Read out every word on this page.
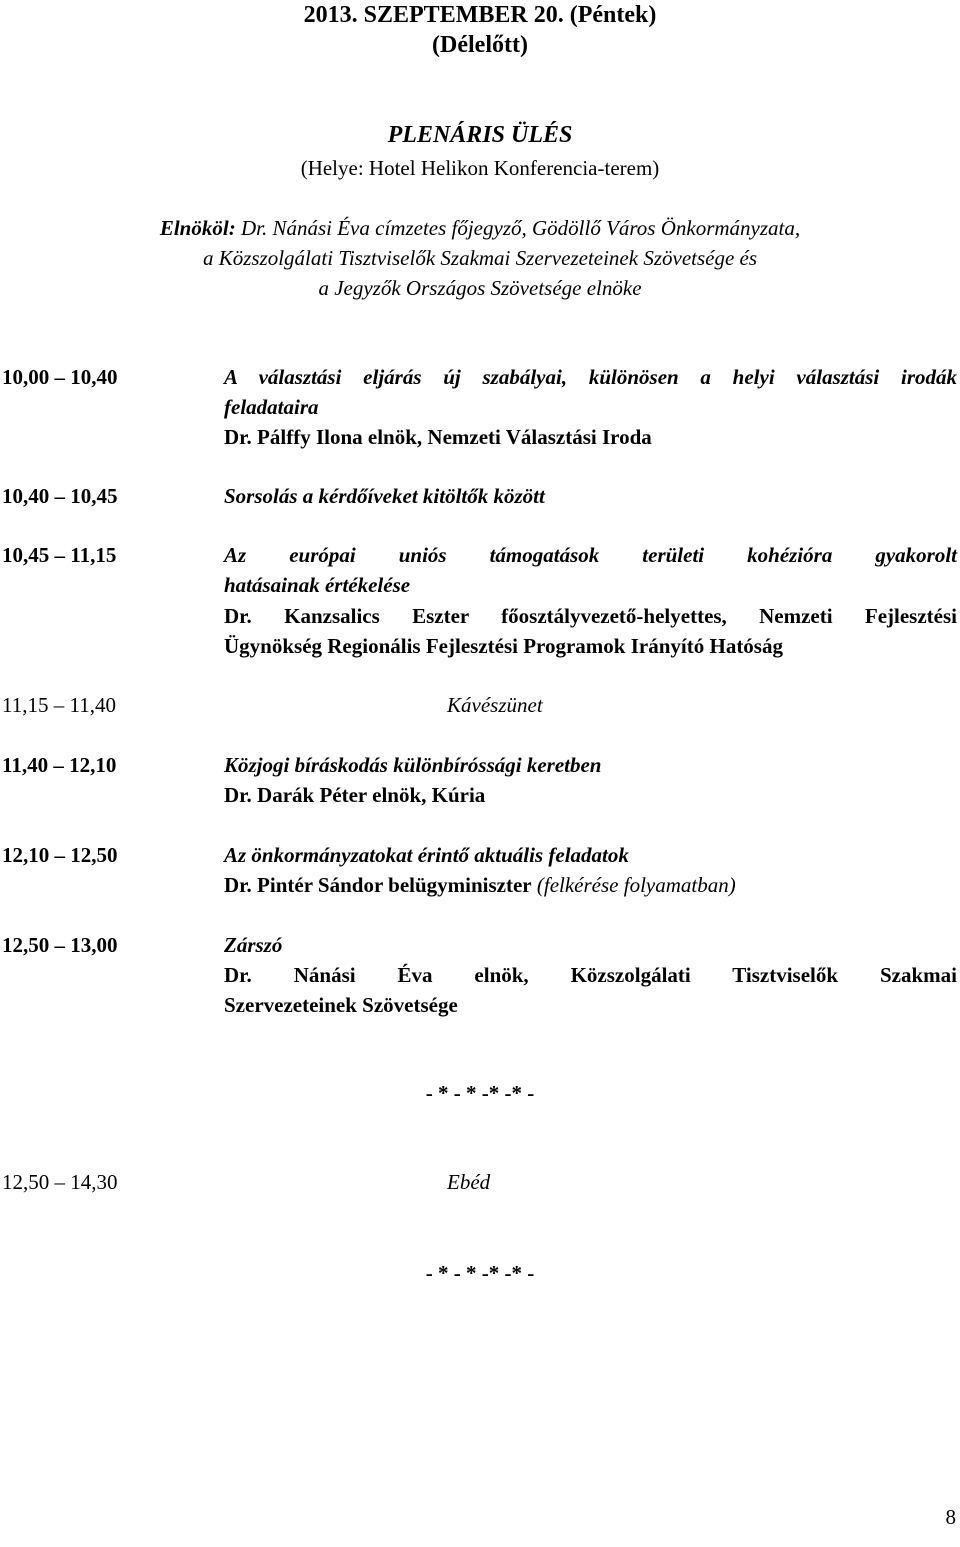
2013. SZEPTEMBER 20. (Péntek)
(Délelőtt)
PLENÁRIS ÜLÉS
(Helye: Hotel Helikon Konferencia-terem)
Elnököl: Dr. Nánási Éva címzetes főjegyző, Gödöllő Város Önkormányzata,
a Közszolgálati Tisztviselők Szakmai Szervezeteinek Szövetsége és
a Jegyzők Országos Szövetsége elnöke
10,00 – 10,40	A választási eljárás új szabályai, különösen a helyi választási irodák
feladataira
Dr. Pálffy Ilona elnök, Nemzeti Választási Iroda
10,40 – 10,45	Sorsolás a kérdőíveket kitöltők között
10,45 – 11,15	Az európai uniós támogatások területi kohézióra gyakorolt
hatásainak értékelése
Dr. Kanzsalics Eszter főosztályvezető-helyettes, Nemzeti Fejlesztési
Ügynökség Regionális Fejlesztési Programok Irányító Hatóság
11,15 – 11,40	Kávészünet
11,40 – 12,10	Közjogi bíráskodás különbíróssági keretben
Dr. Darák Péter elnök, Kúria
12,10 – 12,50	Az önkormányzatokat érintő aktuális feladatok
Dr. Pintér Sándor belügyminiszter (felkérése folyamatban)
12,50 – 13,00	Zárszó
Dr. Nánási Éva elnök, Közszolgálati Tisztviselők Szakmai
Szervezeteinek Szövetsége
- * - * -* -* -
12,50 – 14,30	Ebéd
- * - * -* -* -
8
